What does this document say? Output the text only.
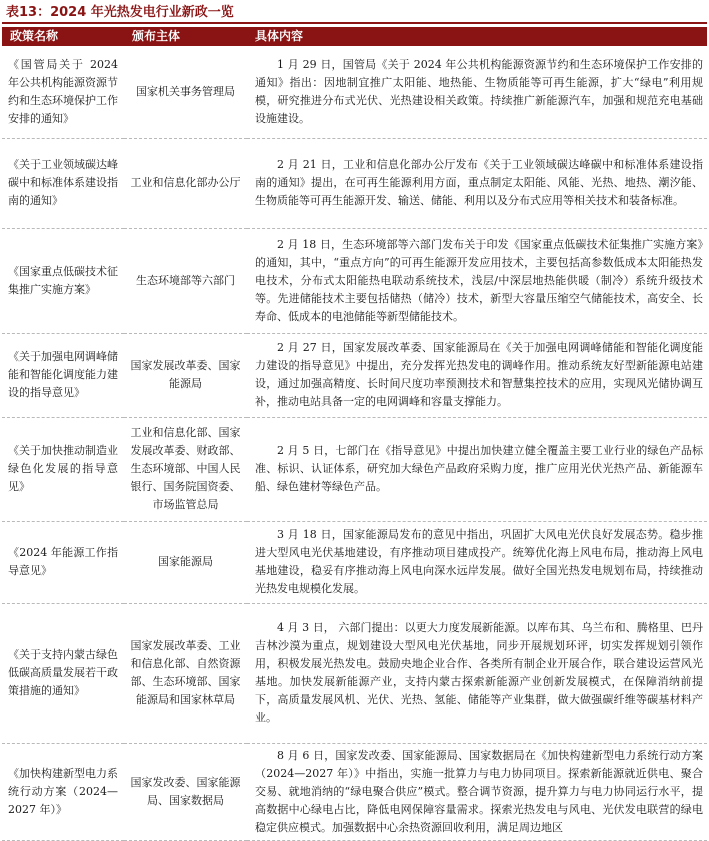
表13：2024 年光热发电行业新政一览
政策名称	颁布主体	具体内容
《国管局关于 2024 年公共机构能源资源节约和生态环境保护工作安排的通知》	国家机关事务管理局	1 月 29 日，国管局《关于 2024 年公共机构能源资源节约和生态环境保护工作安排的通知》指出：因地制宜推广太阳能、地热能、生物质能等可再生能源，扩大“绿电”利用规模，研究推进分布式光伏、光热建设相关政策。持续推广新能源汽车，加强和规范充电基础设施建设。
《关于工业领域碳达峰碳中和标准体系建设指南的通知》	工业和信息化部办公厅	2 月 21 日，工业和信息化部办公厅发布《关于工业领域碳达峰碳中和标准体系建设指南的通知》提出，在可再生能源利用方面，重点制定太阳能、风能、光热、地热、潮汐能、生物质能等可再生能源开发、输送、储能、利用以及分布式应用等相关技术和装备标准。
《国家重点低碳技术征集推广实施方案》	生态环境部等六部门	2 月 18 日，生态环境部等六部门发布关于印发《国家重点低碳技术征集推广实施方案》的通知，其中，“重点方向”的可再生能源开发应用技术，主要包括高参数低成本太阳能热发电技术，分布式太阳能热电联动系统技术，浅层/中深层地热能供暖（制冷）系统升级技术等。先进储能技术主要包括储热（储冷）技术，新型大容量压缩空气储能技术，高安全、长寿命、低成本的电池储能等新型储能技术。
《关于加强电网调峰储能和智能化调度能力建设的指导意见》	国家发展改革委、国家能源局	2 月 27 日，国家发展改革委、国家能源局在《关于加强电网调峰储能和智能化调度能力建设的指导意见》中提出，充分发挥光热发电的调峰作用。推动系统友好型新能源电站建设，通过加强高精度、长时间尺度功率预测技术和智慧集控技术的应用，实现风光储协调互补，推动电站具备一定的电网调峰和容量支撑能力。
《关于加快推动制造业绿色化发展的指导意见》	工业和信息化部、国家发展改革委、财政部、生态环境部、中国人民银行、国务院国资委、市场监管总局	2 月 5 日，七部门在《指导意见》中提出加快建立健全覆盖主要工业行业的绿色产品标准、标识、认证体系，研究加大绿色产品政府采购力度，推广应用光伏光热产品、新能源车船、绿色建材等绿色产品。
《2024 年能源工作指导意见》	国家能源局	3 月 18 日，国家能源局发布的意见中指出，巩固扩大风电光伏良好发展态势。稳步推进大型风电光伏基地建设，有序推动项目建成投产。统筹优化海上风电布局，推动海上风电基地建设，稳妥有序推动海上风电向深水远岸发展。做好全国光热发电规划布局，持续推动光热发电规模化发展。
《关于支持内蒙古绿色低碳高质量发展若干政策措施的通知》	国家发展改革委、工业和信息化部、自然资源部、生态环境部、国家能源局和国家林草局	4 月 3 日， 六部门提出：以更大力度发展新能源。以库布其、乌兰布和、腾格里、巴丹吉林沙漠为重点，规划建设大型风电光伏基地，同步开展规划环评，切实发挥规划引领作用，积极发展光热发电。鼓励央地企业合作、各类所有制企业开展合作，联合建设运营风光基地。加快发展新能源产业，支持内蒙古探索新能源产业创新发展模式，在保障消纳前提下，高质量发展风机、光伏、光热、氢能、储能等产业集群，做大做强碳纤维等碳基材料产业。
《加快构建新型电力系统行动方案（2024—2027 年）》	国家发改委、国家能源局、国家数据局	8 月 6 日，国家发改委、国家能源局、国家数据局在《加快构建新型电力系统行动方案（2024—2027 年）》中指出，实施一批算力与电力协同项目。探索新能源就近供电、聚合交易、就地消纳的“绿电聚合供应”模式。整合调节资源，提升算力与电力协同运行水平，提高数据中心绿电占比，降低电网保障容量需求。探索光热发电与风电、光伏发电联营的绿电稳定供应模式。加强数据中心余热资源回收利用，满足周边地区
